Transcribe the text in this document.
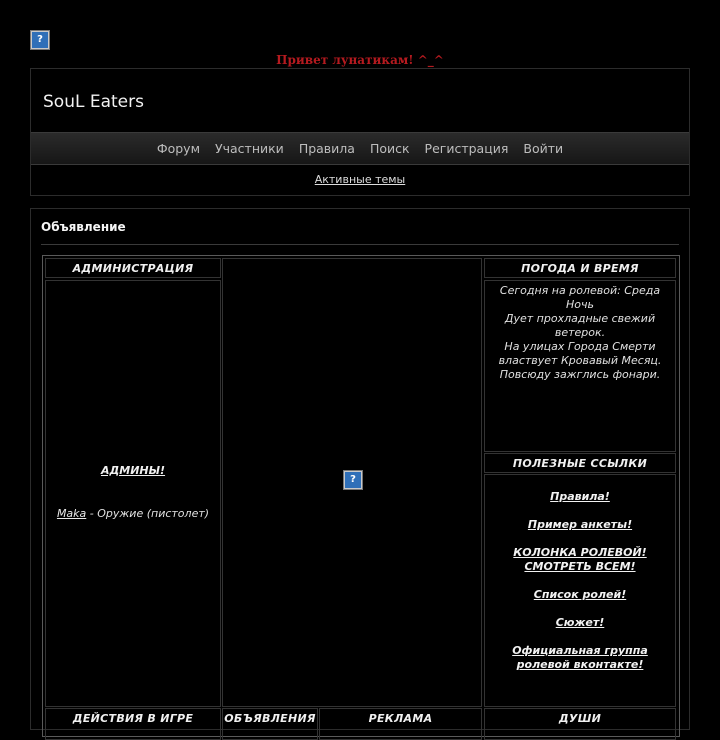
?
Привет лунатикам! ^_^
SouL Eaters
Форум Участники Правила Поиск Регистрация Войти
Активные темы
Объявление
АДМИНИСТРАЦИЯ
АДМИНЫ!
Maka - Оружие (пистолет)
?
ПОГОДА И ВРЕМЯ
Сегодня на ролевой: Среда Ночь
Дует прохладные свежий ветерок.
На улицах Города Смерти властвует Кровавый Месяц.
Повсюду зажглись фонари.
ПОЛЕЗНЫЕ ССЫЛКИ
Правила!
Пример анкеты!
КОЛОНКА РОЛЕВОЙ! СМОТРЕТЬ ВСЕМ!
Список ролей!
Сюжет!
Официальная группа ролевой вконтакте!
ДЕЙСТВИЯ В ИГРЕ	ОБЪЯВЛЕНИЯ	РЕКЛАМА	ДУШИ
